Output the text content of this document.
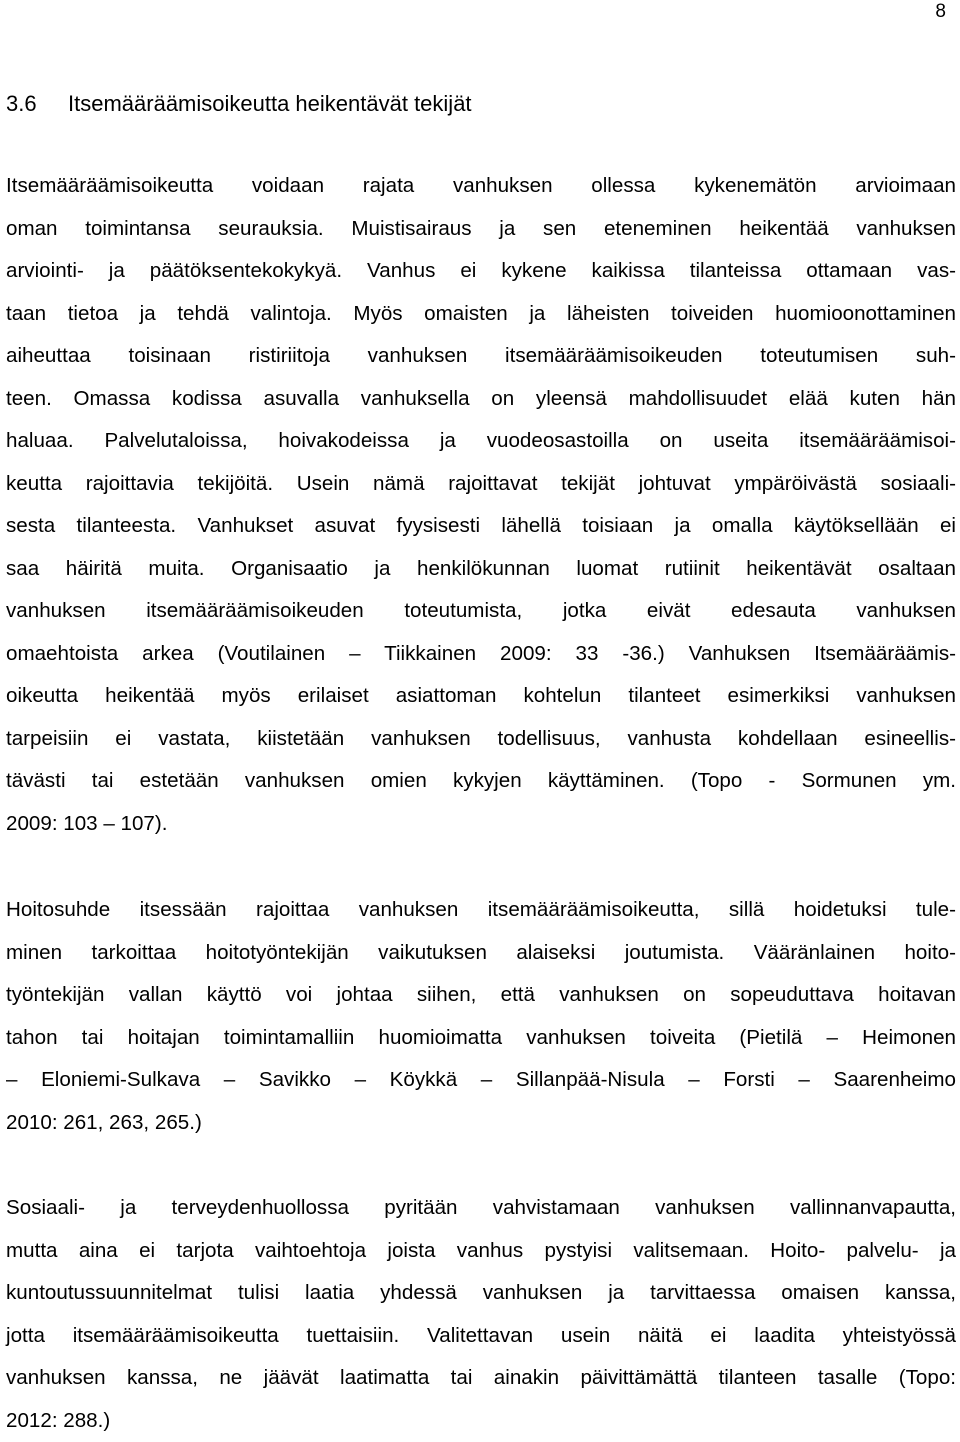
8
3.6 Itsemääräämisoikeutta heikentävät tekijät
Itsemääräämisoikeutta voidaan rajata vanhuksen ollessa kykenemätön arvioimaan
oman toimintansa seurauksia. Muistisairaus ja sen eteneminen heikentää vanhuksen
arviointi- ja päätöksentekokykyä. Vanhus ei kykene kaikissa tilanteissa ottamaan vas-
taan tietoa ja tehdä valintoja. Myös omaisten ja läheisten toiveiden huomioonottaminen
aiheuttaa toisinaan ristiriitoja vanhuksen itsemääräämisoikeuden toteutumisen suh-
teen. Omassa kodissa asuvalla vanhuksella on yleensä mahdollisuudet elää kuten hän
haluaa. Palvelutaloissa, hoivakodeissa ja vuodeosastoilla on useita itsemääräämisoi-
keutta rajoittavia tekijöitä. Usein nämä rajoittavat tekijät johtuvat ympäröivästä sosiaali-
sesta tilanteesta. Vanhukset asuvat fyysisesti lähellä toisiaan ja omalla käytöksellään ei
saa häiritä muita. Organisaatio ja henkilökunnan luomat rutiinit heikentävät osaltaan
vanhuksen itsemääräämisoikeuden toteutumista, jotka eivät edesauta vanhuksen
omaehtoista arkea (Voutilainen – Tiikkainen 2009: 33 -36.) Vanhuksen Itsemääräämis-
oikeutta heikentää myös erilaiset asiattoman kohtelun tilanteet esimerkiksi vanhuksen
tarpeisiin ei vastata, kiistetään vanhuksen todellisuus, vanhusta kohdellaan esineellis-
tävästi tai estetään vanhuksen omien kykyjen käyttäminen. (Topo - Sormunen ym.
2009: 103 – 107).
Hoitosuhde itsessään rajoittaa vanhuksen itsemääräämisoikeutta, sillä hoidetuksi tule-
minen tarkoittaa hoitotyöntekijän vaikutuksen alaiseksi joutumista. Vääränlainen hoito-
työntekijän vallan käyttö voi johtaa siihen, että vanhuksen on sopeuduttava hoitavan
tahon tai hoitajan toimintamalliin huomioimatta vanhuksen toiveita (Pietilä – Heimonen
– Eloniemi-Sulkava – Savikko – Köykkä – Sillanpää-Nisula – Forsti – Saarenheimo
2010: 261, 263, 265.)
Sosiaali- ja terveydenhuollossa pyritään vahvistamaan vanhuksen vallinnanvapautta,
mutta aina ei tarjota vaihtoehtoja joista vanhus pystyisi valitsemaan. Hoito- palvelu- ja
kuntoutussuunnitelmat tulisi laatia yhdessä vanhuksen ja tarvittaessa omaisen kanssa,
jotta itsemääräämisoikeutta tuettaisiin. Valitettavan usein näitä ei laadita yhteistyössä
vanhuksen kanssa, ne jäävät laatimatta tai ainakin päivittämättä tilanteen tasalle (Topo:
2012: 288.)
